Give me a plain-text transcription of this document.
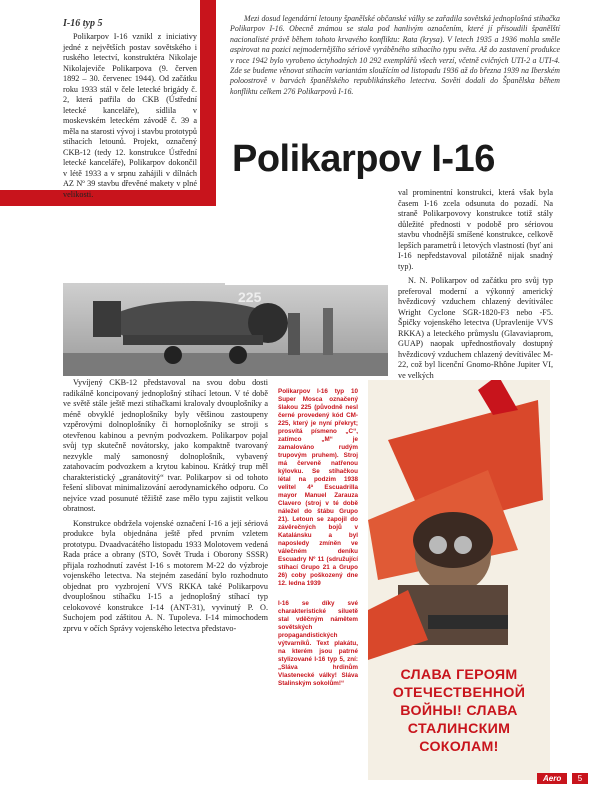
I-16 typ 5	Mezi dosud legendární letouny španělské občanské války se zařadila sovětská jednoplošná stíhačka Polikarpov I-16. Obecně známou se stala pod hanlivým označením, které jí přisoudili španělští nacionalisté právě během tohoto krvavého konfliktu: Rata (krysa). V letech 1935 a 1936 mohla směle aspirovat na pozici nejmodernějšího sériově vyráběného stíhacího typu světa. Až do zastavení produkce v roce 1942 bylo vyrobeno úctyhodných 10 292 exemplářů všech verzí, včetně cvičných UTI-2 a UTI-4. Zde se budeme věnovat stíhacím variantám sloužícím od listopadu 1936 až do března 1939 na Iberském poloostrově v barvách španělského republikánského letectva. Sověti dodali do Španělska během konfliktu celkem 276 Polikarpovů I-16.
Polikarpov I-16

Polikarpov I-16 vznikl z iniciativy jedné z největších postav sovětského i ruského letectví, konstruktéra Nikolaje Nikolajeviče Polikarpova (9. červen 1892 – 30. červenec 1944). Od začátku roku 1933 stál v čele letecké brigády č. 2, která patřila do CKB (Ústřední letecké kanceláře), sídlila v moskevském leteckém závodě č. 39 a měla na starosti vývoj i stavbu prototypů stíhacích letounů. Projekt, označený CKB-12 (tedy 12. konstrukce Ústřední letecké kanceláře), Polikarpov dokončil v létě 1933 a v srpnu zahájili v dílnách AZ Nº 39 stavbu dřevěné makety v plné velikosti.

225

val prominentní konstrukci, která však byla časem I-16 zcela odsunuta do pozadí. Na straně Polikarpovovy konstrukce totiž stály důležité přednosti v podobě pro sériovou stavbu vhodnější smíšené konstrukce, celkově lepších parametrů i letových vlastností (byť ani I-16 nepředstavoval pilotážně nijak snadný typ).

N. N. Polikarpov od začátku pro svůj typ preferoval moderní a výkonný americký hvězdicový vzduchem chlazený devítiválec Wright Cyclone SGR-1820-F3 nebo -F5. Špičky vojenského letectva (Upravlenije VVS RKKA) a leteckého průmyslu (Glavaviaprom, GUAP) naopak upřednostňovaly dostupný hvězdicový vzduchem chlazený devítiválec M-22, což byl licenční Gnomo-Rhône Jupiter VI, ve velkých

Vyvíjený CKB-12 představoval na svou dobu dosti radikálně koncipovaný jednoplošný stíhací letoun. V té době ve světě stále ještě mezi stíhačkami kralovaly dvouplošníky a méně obvyklé jednoplošníky byly většinou zastoupeny vzpěrovými dolnoplošníky či hornoplošníky se stroji s otevřenou kabinou a pevným podvozkem. Polikarpov pojal svůj typ skutečně novátorsky, jako kompaktně tvarovaný nezvykle malý samonosný dolnoplošník, vybavený zatahovacím podvozkem a krytou kabinou. Krátký trup měl charakteristický „granátovitý“ tvar. Polikarpov si od tohoto řešení slibovat minimalizování aerodynamického odporu. Co nejvíce vzad posunuté těžiště zase mělo typu zajistit velkou obratnost.

Konstrukce obdržela vojenské označení I-16 a její sériová produkce byla objednána ještě před prvním vzletem prototypu. Dvaadvacátého listopadu 1933 Molotovem vedená Rada práce a obrany (STO, Sovět Truda i Oborony SSSR) přijala rozhodnutí zavést I-16 s motorem M-22 do výzbroje vojenského letectva. Na stejném zasedání bylo rozhodnuto objednat pro vyzbrojení VVS RKKA také Polikarpovu dvouplošnou stíhačku I-15 a jednoplošný stíhací typ celokovové konstrukce I-14 (ANT-31), vyvinutý P. O. Suchojem pod záštitou A. N. Tupoleva. I-14 mimochodem zprvu v očích Správy vojenského letectva představo-

Polikarpov I-16 typ 10 Super Mosca označený šlakou 225 (původně nesl černé provedený kód CM-225, který je nyní překryt; prosvítá písmeno „C“, zatímco „M“ je zamalováno rudým trupovým pruhem). Stroj má červeně natřenou kýlovku. Se stíhačkou létal na podzim 1938 velitel 4ª Escuadrilla mayor Manuel Zarauza Clavero (stroj v té době náležel do štábu Grupo 21). Letoun se zapojil do závěrečných bojů v Katalánsku a byl naposledy zmíněn ve válečném deníku Escuadry Nº 11 (sdružující stíhací Grupo 21 a Grupo 26) coby poškozený dne 12. ledna 1939
I-16 se díky své charakteristické siluetě stal vděčným námětem sovětských propagandistických výtvarníků. Text plakátu, na kterém jsou patrné stylizované I-16 typ 5, zní: „Sláva hrdinům Vlastenecké války! Sláva Stalinským sokolům!“
СЛАВА ГЕРОЯМ
ОТЕЧЕСТВЕННОЙ
ВОЙНЫ! СЛАВА
СТАЛИНСКИМ
СОКОЛАМ!
Aero	5
